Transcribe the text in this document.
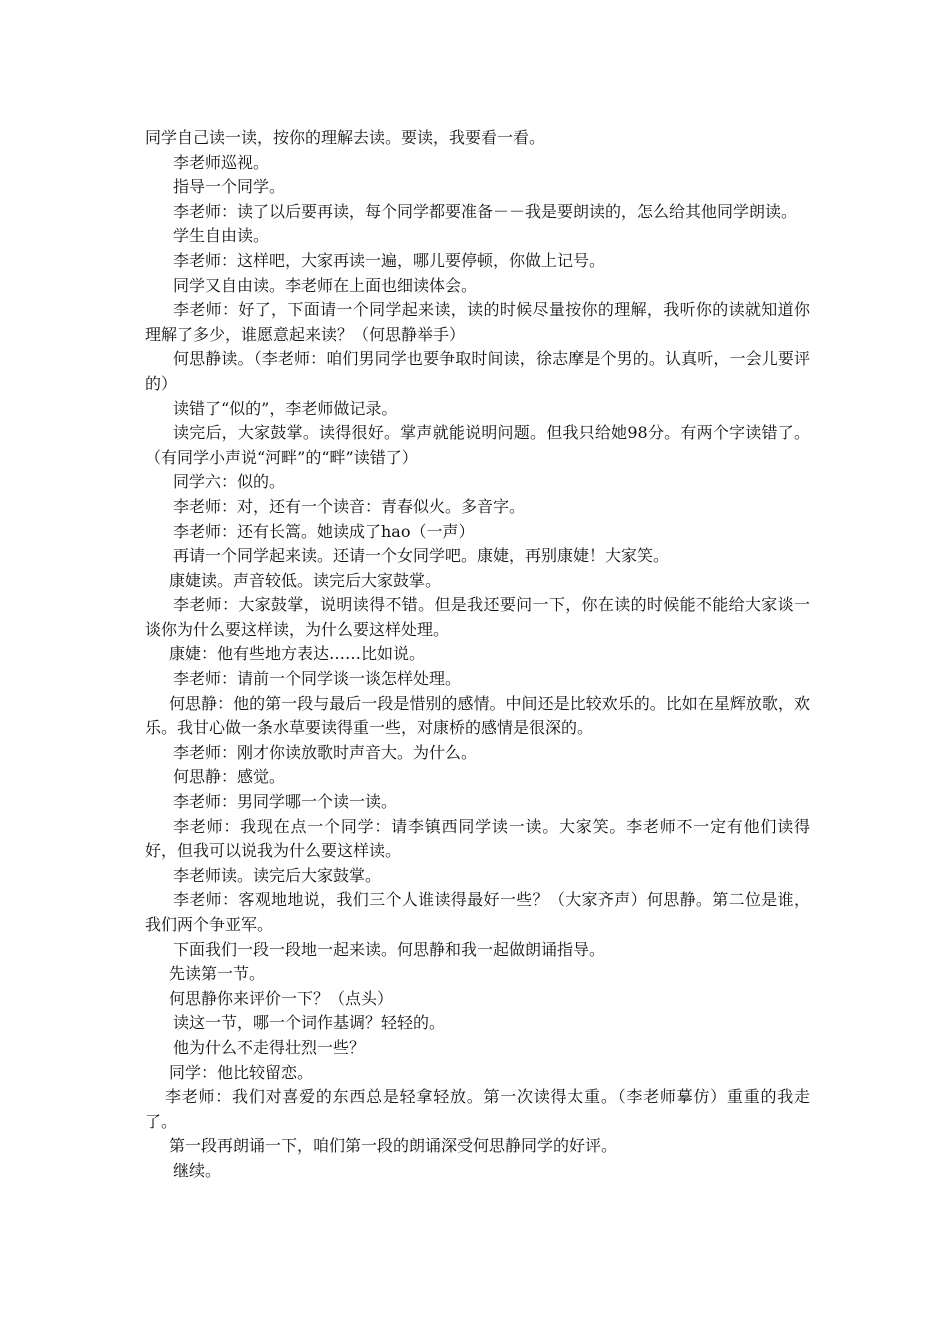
同学自己读一读，按你的理解去读。要读，我要看一看。

李老师巡视。

指导一个同学。

李老师：读了以后要再读，每个同学都要准备－－我是要朗读的，怎么给其他同学朗读。

学生自由读。

李老师：这样吧，大家再读一遍，哪儿要停顿，你做上记号。

同学又自由读。李老师在上面也细读体会。

李老师：好了，下面请一个同学起来读，读的时候尽量按你的理解，我听你的读就知道你理解了多少，谁愿意起来读？（何思静举手）

何思静读。（李老师：咱们男同学也要争取时间读，徐志摩是个男的。认真听，一会儿要评的）

读错了“似的”，李老师做记录。

读完后，大家鼓掌。读得很好。掌声就能说明问题。但我只给她98分。有两个字读错了。（有同学小声说“河畔”的“畔”读错了）

同学六：似的。

李老师：对，还有一个读音：青春似火。多音字。

李老师：还有长篙。她读成了hao（一声）

再请一个同学起来读。还请一个女同学吧。康婕，再别康婕！大家笑。

康婕读。声音较低。读完后大家鼓掌。

李老师：大家鼓掌，说明读得不错。但是我还要问一下，你在读的时候能不能给大家谈一谈你为什么要这样读，为什么要这样处理。

康婕：他有些地方表达……比如说。

李老师：请前一个同学谈一谈怎样处理。

何思静：他的第一段与最后一段是惜别的感情。中间还是比较欢乐的。比如在星辉放歌，欢乐。我甘心做一条水草要读得重一些，对康桥的感情是很深的。

李老师：刚才你读放歌时声音大。为什么。

何思静：感觉。

李老师：男同学哪一个读一读。

李老师：我现在点一个同学：请李镇西同学读一读。大家笑。李老师不一定有他们读得好，但我可以说我为什么要这样读。

李老师读。读完后大家鼓掌。

李老师：客观地地说，我们三个人谁读得最好一些？（大家齐声）何思静。第二位是谁，我们两个争亚军。

下面我们一段一段地一起来读。何思静和我一起做朗诵指导。

先读第一节。

何思静你来评价一下？（点头）

读这一节，哪一个词作基调？轻轻的。

他为什么不走得壮烈一些？

同学：他比较留恋。

李老师：我们对喜爱的东西总是轻拿轻放。第一次读得太重。（李老师摹仿）重重的我走了。

第一段再朗诵一下，咱们第一段的朗诵深受何思静同学的好评。

继续。
